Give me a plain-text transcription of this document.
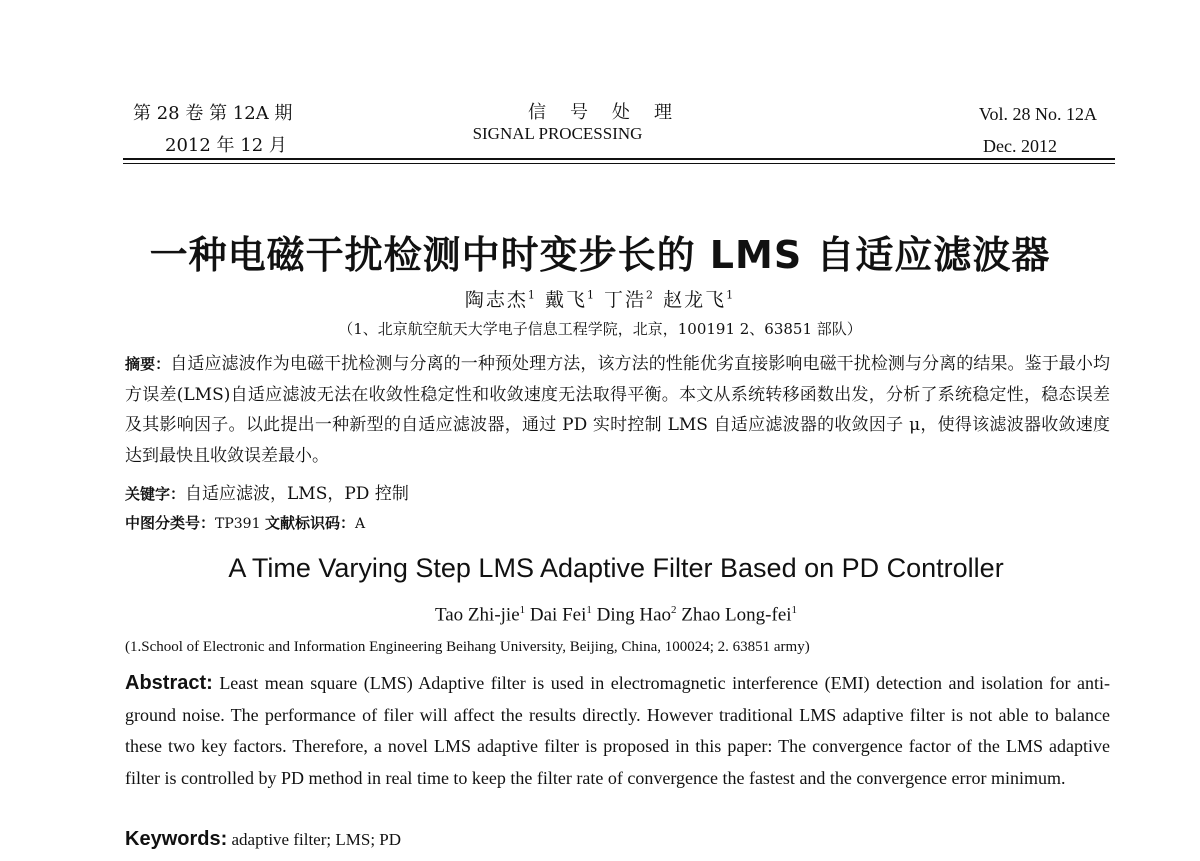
第 28 卷 第 12A 期
2012 年 12 月
信号处理
SIGNAL PROCESSING
Vol. 28 No. 12A
Dec. 2012
一种电磁干扰检测中时变步长的 LMS 自适应滤波器
陶志杰$^1$ 戴飞$^1$ 丁浩$^2$ 赵龙飞$^1$
（1、北京航空航天大学电子信息工程学院，北京，100191 2、63851 部队）
摘要：自适应滤波作为电磁干扰检测与分离的一种预处理方法，该方法的性能优劣直接影响电磁干扰检测与分离的结果。鉴于最小均方误差(LMS)自适应滤波无法在收敛性稳定性和收敛速度无法取得平衡。本文从系统转移函数出发，分析了系统稳定性，稳态误差及其影响因子。以此提出一种新型的自适应滤波器，通过 PD 实时控制 LMS 自适应滤波器的收敛因子 μ，使得该滤波器收敛速度达到最快且收敛误差最小。
关键字：自适应滤波，LMS，PD 控制
中图分类号：TP391 文献标识码：A
A Time Varying Step LMS Adaptive Filter Based on PD Controller
Tao Zhi-jie$^1$ Dai Fei$^1$ Ding Hao$^2$ Zhao Long-fei$^1$
(1.School of Electronic and Information Engineering Beihang University, Beijing, China, 100024; 2. 63851 army)
Abstract: Least mean square (LMS) Adaptive filter is used in electromagnetic interference (EMI) detection and isolation for anti-ground noise. The performance of filer will affect the results directly. However traditional LMS adaptive filter is not able to balance these two key factors. Therefore, a novel LMS adaptive filter is proposed in this paper: The convergence factor of the LMS adaptive filter is controlled by PD method in real time to keep the filter rate of convergence the fastest and the convergence error minimum.
Keywords: adaptive filter; LMS; PD
